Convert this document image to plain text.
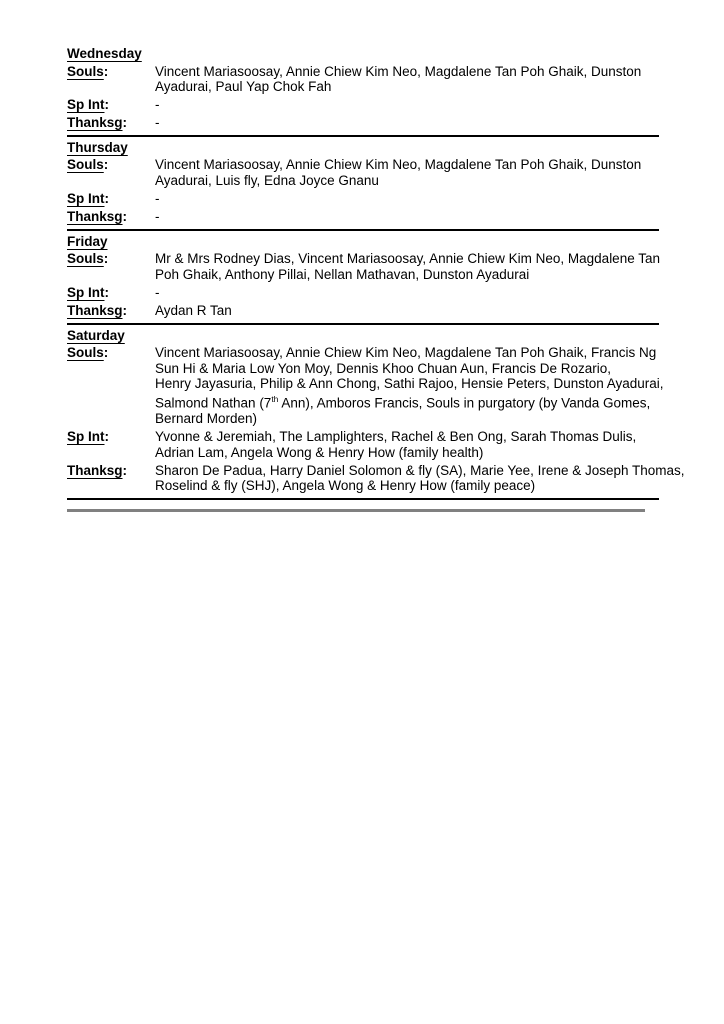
Wednesday
Souls:	Vincent Mariasoosay, Annie Chiew Kim Neo, Magdalene Tan Poh Ghaik, Dunston
Ayadurai, Paul Yap Chok Fah
Sp Int:	-
Thanksg:	-
Thursday
Souls:	Vincent Mariasoosay, Annie Chiew Kim Neo, Magdalene Tan Poh Ghaik, Dunston
Ayadurai, Luis fly, Edna Joyce Gnanu
Sp Int:	-
Thanksg:	-
Friday
Souls:	Mr & Mrs Rodney Dias, Vincent Mariasoosay, Annie Chiew Kim Neo, Magdalene Tan
Poh Ghaik, Anthony Pillai, Nellan Mathavan, Dunston Ayadurai
Sp Int:	-
Thanksg:	Aydan R Tan
Saturday
Souls:	Vincent Mariasoosay, Annie Chiew Kim Neo, Magdalene Tan Poh Ghaik, Francis Ng
Sun Hi & Maria Low Yon Moy, Dennis Khoo Chuan Aun, Francis De Rozario,
Henry Jayasuria, Philip & Ann Chong, Sathi Rajoo, Hensie Peters, Dunston Ayadurai,
Salmond Nathan (7th Ann), Amboros Francis, Souls in purgatory (by Vanda Gomes,
Bernard Morden)
Sp Int:	Yvonne & Jeremiah, The Lamplighters, Rachel & Ben Ong, Sarah Thomas Dulis,
Adrian Lam, Angela Wong & Henry How (family health)
Thanksg:	Sharon De Padua, Harry Daniel Solomon & fly (SA), Marie Yee, Irene & Joseph Thomas,
Roselind & fly (SHJ), Angela Wong & Henry How (family peace)
